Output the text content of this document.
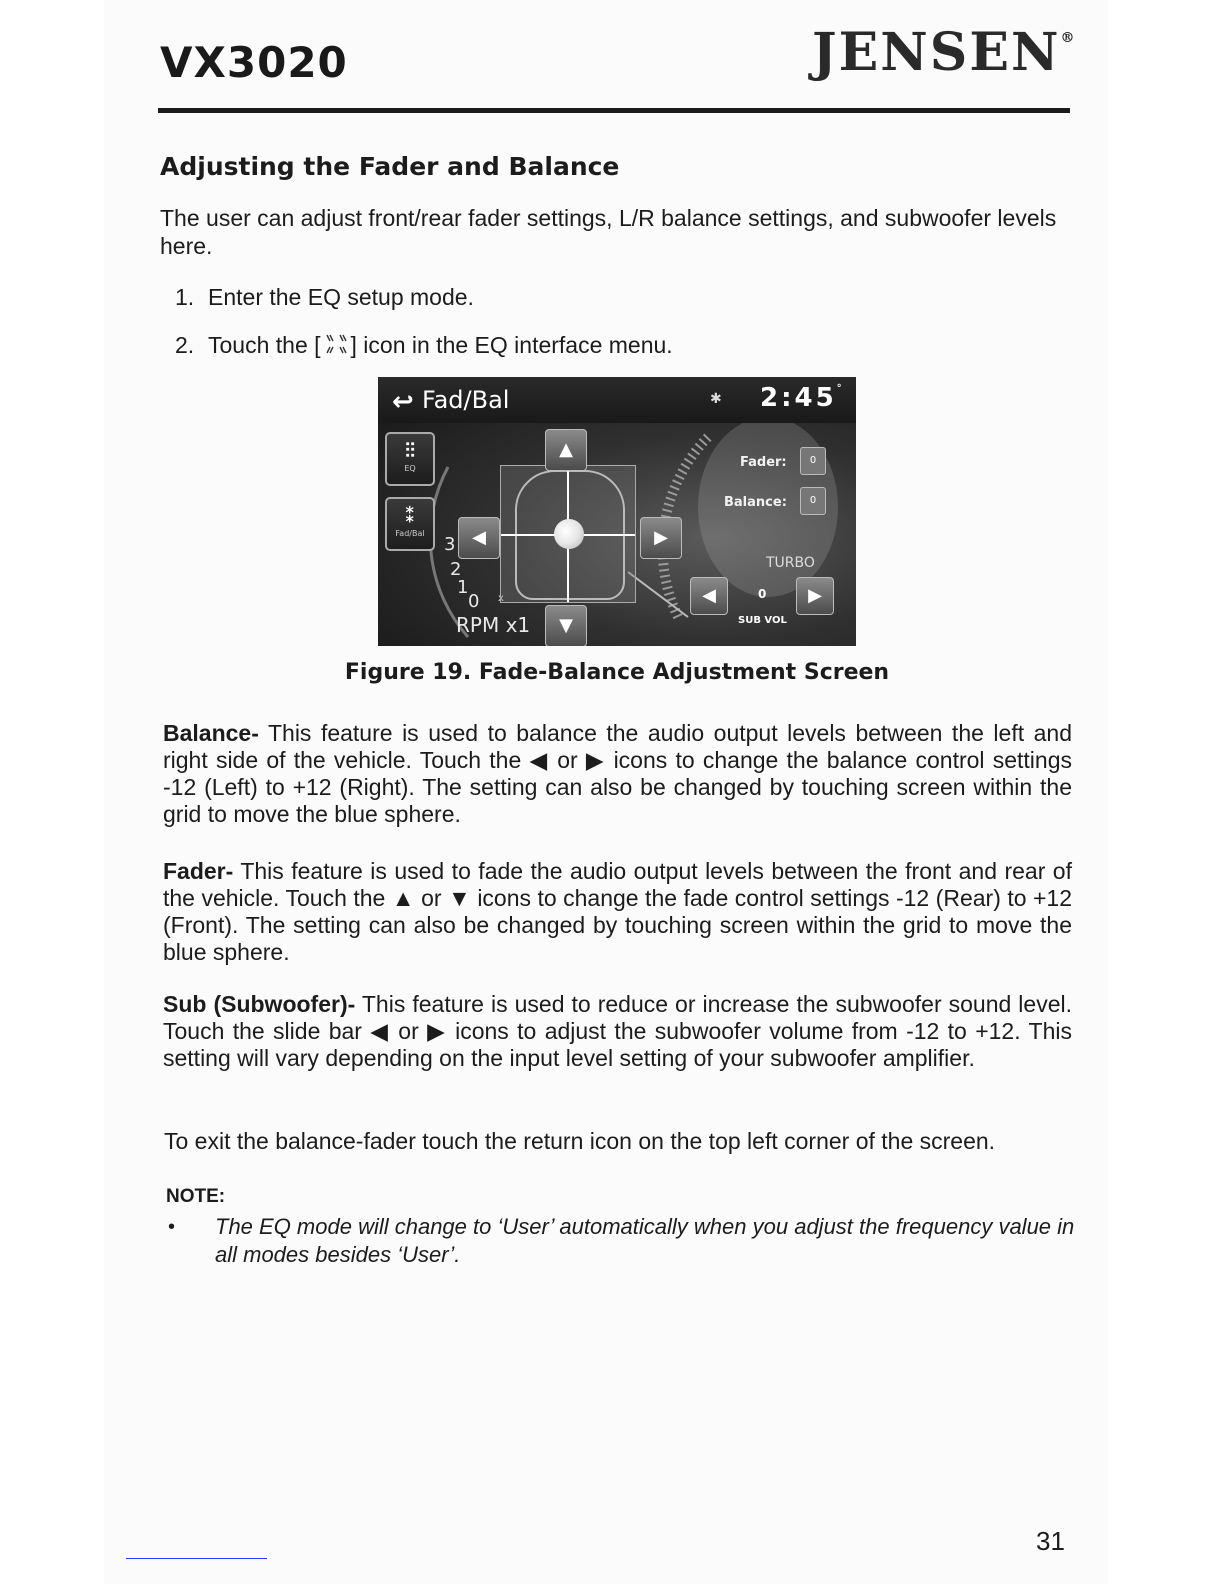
VX3020	JENSEN®
Adjusting the Fader and Balance

The user can adjust front/rear fader settings, L/R balance settings, and subwoofer levels here.

1. Enter the EQ setup mode.
2. Touch the [ ] icon in the EQ interface menu.
↩ Fad/Bal	✱ 2:45°
⫶⫶
EQ
⁑
Fad/Bal
3
2
1
0 x
RPM x1
▲
▼
◀	▶
Fader:	0
Balance:	0
TURBO
◀	0	▶
SUB VOL
Figure 19. Fade-Balance Adjustment Screen

Balance- This feature is used to balance the audio output levels between the left and right side of the vehicle. Touch the ◀ or ▶ icons to change the balance control settings -12 (Left) to +12 (Right). The setting can also be changed by touching screen within the grid to move the blue sphere.

Fader- This feature is used to fade the audio output levels between the front and rear of the vehicle. Touch the ▲ or ▼ icons to change the fade control settings -12 (Rear) to +12 (Front). The setting can also be changed by touching screen within the grid to move the blue sphere.

Sub (Subwoofer)- This feature is used to reduce or increase the subwoofer sound level. Touch the slide bar ◀ or ▶ icons to adjust the subwoofer volume from -12 to +12. This setting will vary depending on the input level setting of your subwoofer amplifier.

To exit the balance-fader touch the return icon on the top left corner of the screen.

NOTE:

• The EQ mode will change to ‘User’ automatically when you adjust the frequency value in all modes besides ‘User’.

31
